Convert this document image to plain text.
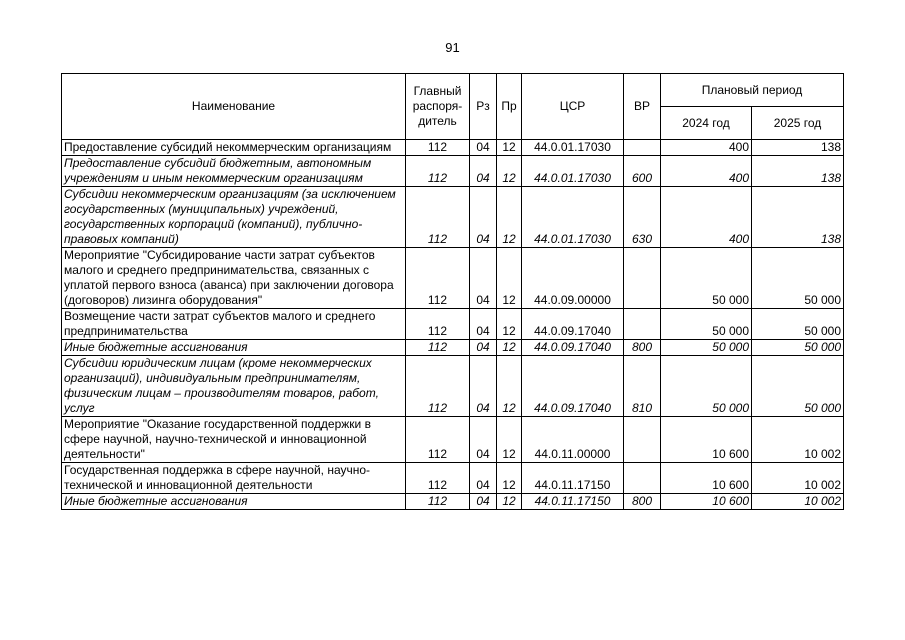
91
Наименование	Главный распоря-дитель	Рз	Пр	ЦСР	ВР	Плановый период	
						2024 год	2025 год
Предоставление субсидий некоммерческим организациям	112	04	12	44.0.01.17030		400	138
Предоставление субсидий бюджетным, автономным учреждениям и иным некоммерческим организациям	112	04	12	44.0.01.17030	600	400	138
Субсидии некоммерческим организациям (за исключением государственных (муниципальных) учреждений, государственных корпораций (компаний), публично-правовых компаний)	112	04	12	44.0.01.17030	630	400	138
Мероприятие "Субсидирование части затрат субъектов малого и среднего предпринимательства, связанных с уплатой первого взноса (аванса) при заключении договора (договоров) лизинга оборудования"	112	04	12	44.0.09.00000		50 000	50 000
Возмещение части затрат субъектов малого и среднего предпринимательства	112	04	12	44.0.09.17040		50 000	50 000
Иные бюджетные ассигнования	112	04	12	44.0.09.17040	800	50 000	50 000
Субсидии юридическим лицам (кроме некоммерческих организаций), индивидуальным предпринимателям, физическим лицам – производителям товаров, работ, услуг	112	04	12	44.0.09.17040	810	50 000	50 000
Мероприятие "Оказание государственной поддержки в сфере научной, научно-технической и инновационной деятельности"	112	04	12	44.0.11.00000		10 600	10 002
Государственная поддержка в сфере научной, научно-технической и инновационной деятельности	112	04	12	44.0.11.17150		10 600	10 002
Иные бюджетные ассигнования	112	04	12	44.0.11.17150	800	10 600	10 002
